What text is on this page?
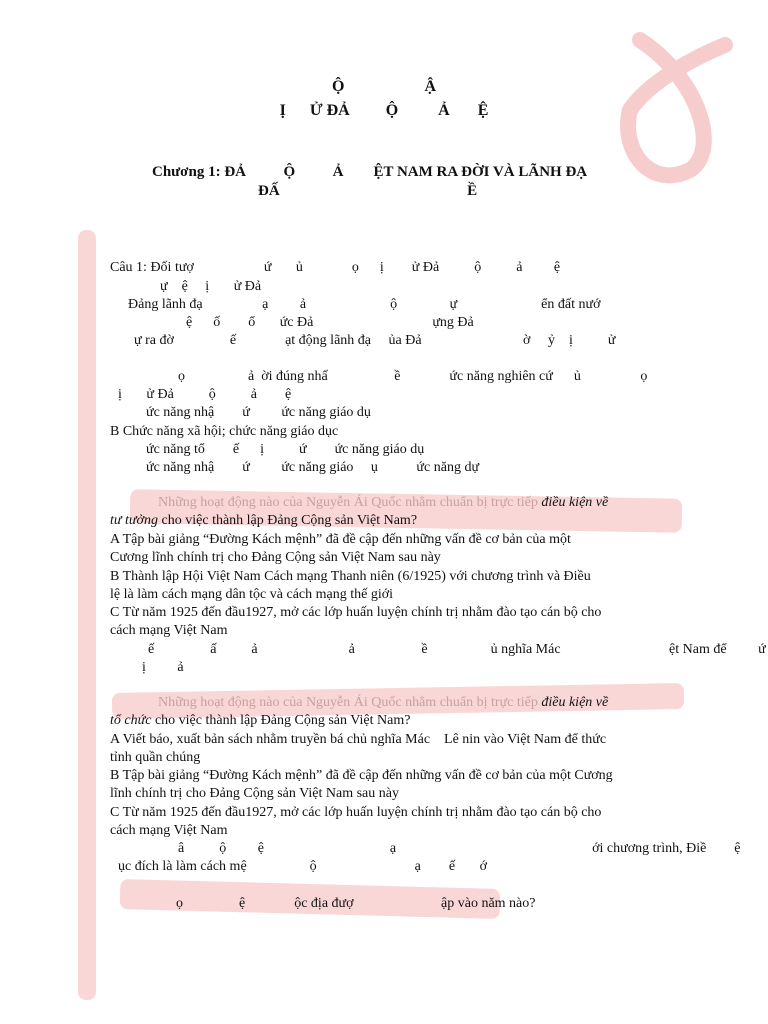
Ộ                    Ậ
Ị      Ử ĐẢ         Ộ          Ả       Ệ
Chương 1: ĐẢ          Ộ          Ả        ỆT NAM RA ĐỜI VÀ LÃNH ĐẠ
ĐẤ                                                  Ề
Câu 1: Đối tượ                    ứ       ủ              ọ      ị        ử Đả          ộ          ả         ệ
ự    ệ     ị       ử Đả
Đảng lãnh đạ                 ạ         ả                        ộ               ự                        ển đất nướ
ệ      ố        ổ       ức Đả                                  ựng Đả
ự ra đờ                ế              ạt động lãnh đạ     ủa Đả                             ờ     ỷ    ị          ử
ọ                  ả  ời đúng nhấ                   ề              ức năng nghiên cứ      ủ                 ọ
ị       ử Đả          ộ          ả        ệ
ức năng nhậ        ứ         ức năng giáo dụ
B Chức năng xã hội; chức năng giáo dục
ức năng tổ        ế      ị          ứ        ức năng giáo dụ
ức năng nhậ        ứ         ức năng giáo     ụ           ức năng dự
Những hoạt động nào của Nguyễn Ái Quốc nhằm chuẩn bị trực tiếp điều kiện về
tư tưởng cho việc thành lập Đảng Cộng sản Việt Nam?
A Tập bài giảng “Đường Kách mệnh” đã đề cập đến những vấn đề cơ bản của một
Cương lĩnh chính trị cho Đảng Cộng sản Việt Nam sau này
B Thành lập Hội Việt Nam Cách mạng Thanh niên (6/1925) với chương trình và Điều
lệ là làm cách mạng dân tộc và cách mạng thế giới
C Từ năm 1925 đến đầu1927, mở các lớp huấn luyện chính trị nhằm đào tạo cán bộ cho
cách mạng Việt Nam
ế                ấ          ả                          ả                   ề                  ủ nghĩa Mác                               ệt Nam để         ứ
ị         ả
Những hoạt động nào của Nguyễn Ái Quốc nhằm chuẩn bị trực tiếp điều kiện về
tổ chức cho việc thành lập Đảng Cộng sản Việt Nam?
A Viết báo, xuất bản sách nhằm truyền bá chủ nghĩa Mác    Lê nin vào Việt Nam để thức
tỉnh quần chúng
B Tập bài giảng “Đường Kách mệnh” đã đề cập đến những vấn đề cơ bản của một Cương
lĩnh chính trị cho Đảng Cộng sản Việt Nam sau này
C Từ năm 1925 đến đầu1927, mở các lớp huấn luyện chính trị nhằm đào tạo cán bộ cho
cách mạng Việt Nam
â          ộ         ệ                                    ạ                                                        ới chương trình, Điề        ệ
ục đích là làm cách mệ                  ộ                            ạ        ế       ớ
ọ                ệ              ộc địa đượ                         ập vào năm nào?
